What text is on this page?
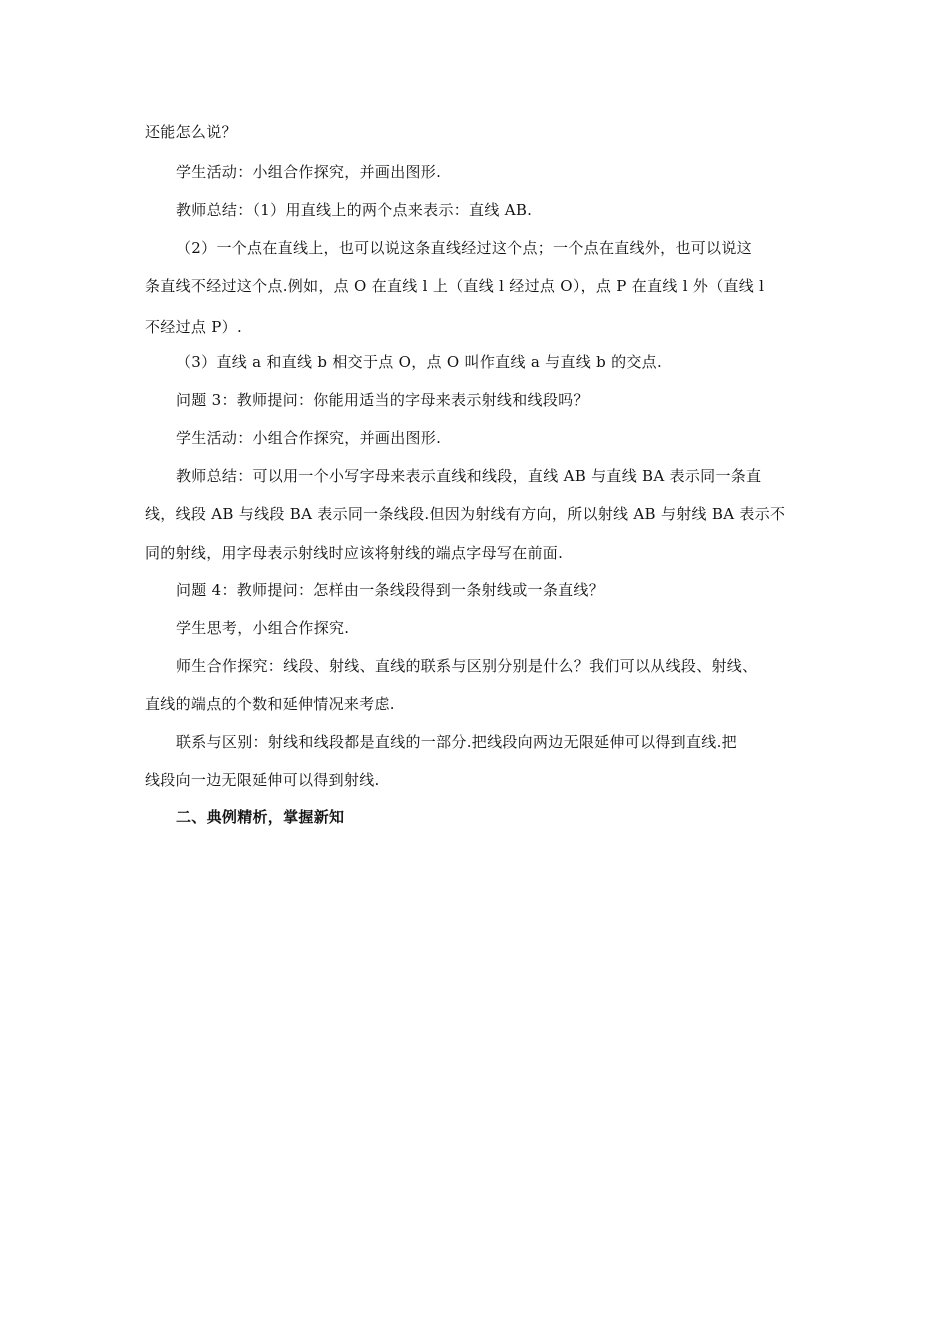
还能怎么说？
学生活动：小组合作探究，并画出图形.
教师总结：（1）用直线上的两个点来表示：直线 AB.
（2）一个点在直线上，也可以说这条直线经过这个点；一个点在直线外，也可以说这
条直线不经过这个点.例如，点 O 在直线 l 上（直线 l 经过点 O），点 P 在直线 l 外（直线 l
不经过点 P）.
（3）直线 a 和直线 b 相交于点 O，点 O 叫作直线 a 与直线 b 的交点.
问题 3：教师提问：你能用适当的字母来表示射线和线段吗？
学生活动：小组合作探究，并画出图形.
教师总结：可以用一个小写字母来表示直线和线段，直线 AB 与直线 BA 表示同一条直
线，线段 AB 与线段 BA 表示同一条线段.但因为射线有方向，所以射线 AB 与射线 BA 表示不
同的射线，用字母表示射线时应该将射线的端点字母写在前面.
问题 4：教师提问：怎样由一条线段得到一条射线或一条直线？
学生思考，小组合作探究.
师生合作探究：线段、射线、直线的联系与区别分别是什么？我们可以从线段、射线、
直线的端点的个数和延伸情况来考虑.
联系与区别：射线和线段都是直线的一部分.把线段向两边无限延伸可以得到直线.把
线段向一边无限延伸可以得到射线.
二、典例精析，掌握新知
